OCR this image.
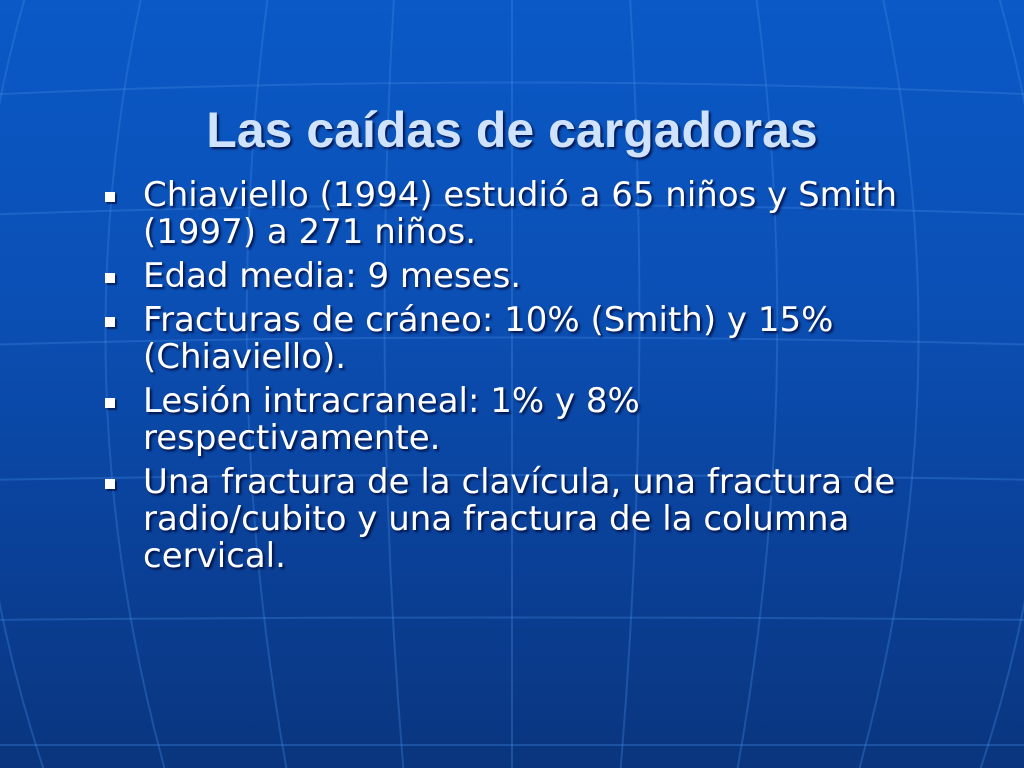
Las caídas de cargadoras
Chiaviello (1994) estudió a 65 niños y Smith (1997) a 271 niños.
Edad media: 9 meses.
Fracturas de cráneo: 10% (Smith) y 15% (Chiaviello).
Lesión intracraneal: 1% y 8% respectivamente.
Una fractura de la clavícula, una fractura de radio/cubito y una fractura de la columna cervical.
